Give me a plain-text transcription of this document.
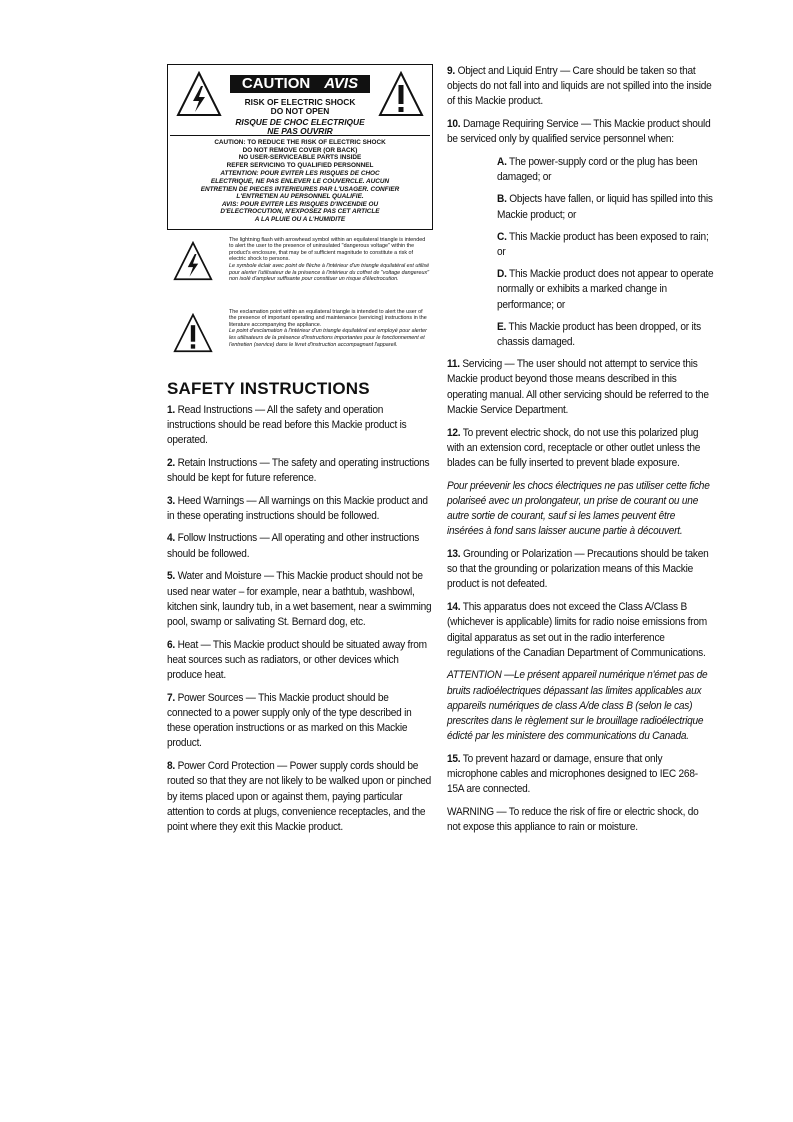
CAUTION AVIS
RISK OF ELECTRIC SHOCK
DO NOT OPEN
RISQUE DE CHOC ELECTRIQUE
NE PAS OUVRIR
CAUTION: TO REDUCE THE RISK OF ELECTRIC SHOCK
DO NOT REMOVE COVER (OR BACK)
NO USER-SERVICEABLE PARTS INSIDE
REFER SERVICING TO QUALIFIED PERSONNEL
ATTENTION: POUR EVITER LES RISQUES DE CHOC
ELECTRIQUE, NE PAS ENLEVER LE COUVERCLE. AUCUN
ENTRETIEN DE PIECES INTERIEURES PAR L'USAGER. CONFIER
L'ENTRETIEN AU PERSONNEL QUALIFIE.
AVIS: POUR EVITER LES RISQUES D'INCENDIE OU
D'ELECTROCUTION, N'EXPOSEZ PAS CET ARTICLE
A LA PLUIE OU A L'HUMIDITE
The lightning flash with arrowhead symbol within an equilateral triangle is intended to alert the user to the presence of uninsulated "dangerous voltage" within the product's enclosure, that may be of sufficient magnitude to constitute a risk of electric shock to persons.
Le symbole éclair avec point de flèche à l'intérieur d'un triangle équilatéral est utilisé pour alerter l'utilisateur de la présence à l'intérieur du coffret de "voltage dangereux" non isolé d'ampleur suffisante pour constituer un risque d'électrocution.
The exclamation point within an equilateral triangle is intended to alert the user of the presence of important operating and maintenance (servicing) instructions in the literature accompanying the appliance.
Le point d'exclamation à l'intérieur d'un triangle équilatéral est employé pour alerter les utilisateurs de la présence d'instructions importantes pour le fonctionnement et l'entretien (service) dans le livret d'instruction accompagnant l'appareil.
SAFETY INSTRUCTIONS
1. Read Instructions — All the safety and operation instructions should be read before this Mackie product is operated.
2. Retain Instructions — The safety and operating instructions should be kept for future reference.
3. Heed Warnings — All warnings on this Mackie product and in these operating instructions should be followed.
4. Follow Instructions — All operating and other instructions should be followed.
5. Water and Moisture — This Mackie product should not be used near water – for example, near a bathtub, washbowl, kitchen sink, laundry tub, in a wet basement, near a swimming pool, swamp or salivating St. Bernard dog, etc.
6. Heat — This Mackie product should be situated away from heat sources such as radiators, or other devices which produce heat.
7. Power Sources — This Mackie product should be connected to a power supply only of the type described in these operation instructions or as marked on this Mackie product.
8. Power Cord Protection — Power supply cords should be routed so that they are not likely to be walked upon or pinched by items placed upon or against them, paying particular attention to cords at plugs, convenience receptacles, and the point where they exit this Mackie product.
9. Object and Liquid Entry — Care should be taken so that objects do not fall into and liquids are not spilled into the inside of this Mackie product.
10. Damage Requiring Service — This Mackie product should be serviced only by qualified service personnel when:
A. The power-supply cord or the plug has been damaged; or
B. Objects have fallen, or liquid has spilled into this Mackie product; or
C. This Mackie product has been exposed to rain; or
D. This Mackie product does not appear to operate normally or exhibits a marked change in performance; or
E. This Mackie product has been dropped, or its chassis damaged.
11. Servicing — The user should not attempt to service this Mackie product beyond those means described in this operating manual. All other servicing should be referred to the Mackie Service Department.
12. To prevent electric shock, do not use this polarized plug with an extension cord, receptacle or other outlet unless the blades can be fully inserted to prevent blade exposure.
Pour préevenir les chocs électriques ne pas utiliser cette fiche polariseé avec un prolongateur, un prise de courant ou une autre sortie de courant, sauf si les lames peuvent être insérées à fond sans laisser aucune partie à découvert.
13. Grounding or Polarization — Precautions should be taken so that the grounding or polarization means of this Mackie product is not defeated.
14. This apparatus does not exceed the Class A/Class B (whichever is applicable) limits for radio noise emissions from digital apparatus as set out in the radio interference regulations of the Canadian Department of Communications.
ATTENTION —Le présent appareil numérique n'émet pas de bruits radioélectriques dépassant las limites applicables aux appareils numériques de class A/de class B (selon le cas) prescrites dans le règlement sur le brouillage radioélectrique édicté par les ministere des communications du Canada.
15. To prevent hazard or damage, ensure that only microphone cables and microphones designed to IEC 268-15A are connected.
WARNING — To reduce the risk of fire or electric shock, do not expose this appliance to rain or moisture.
